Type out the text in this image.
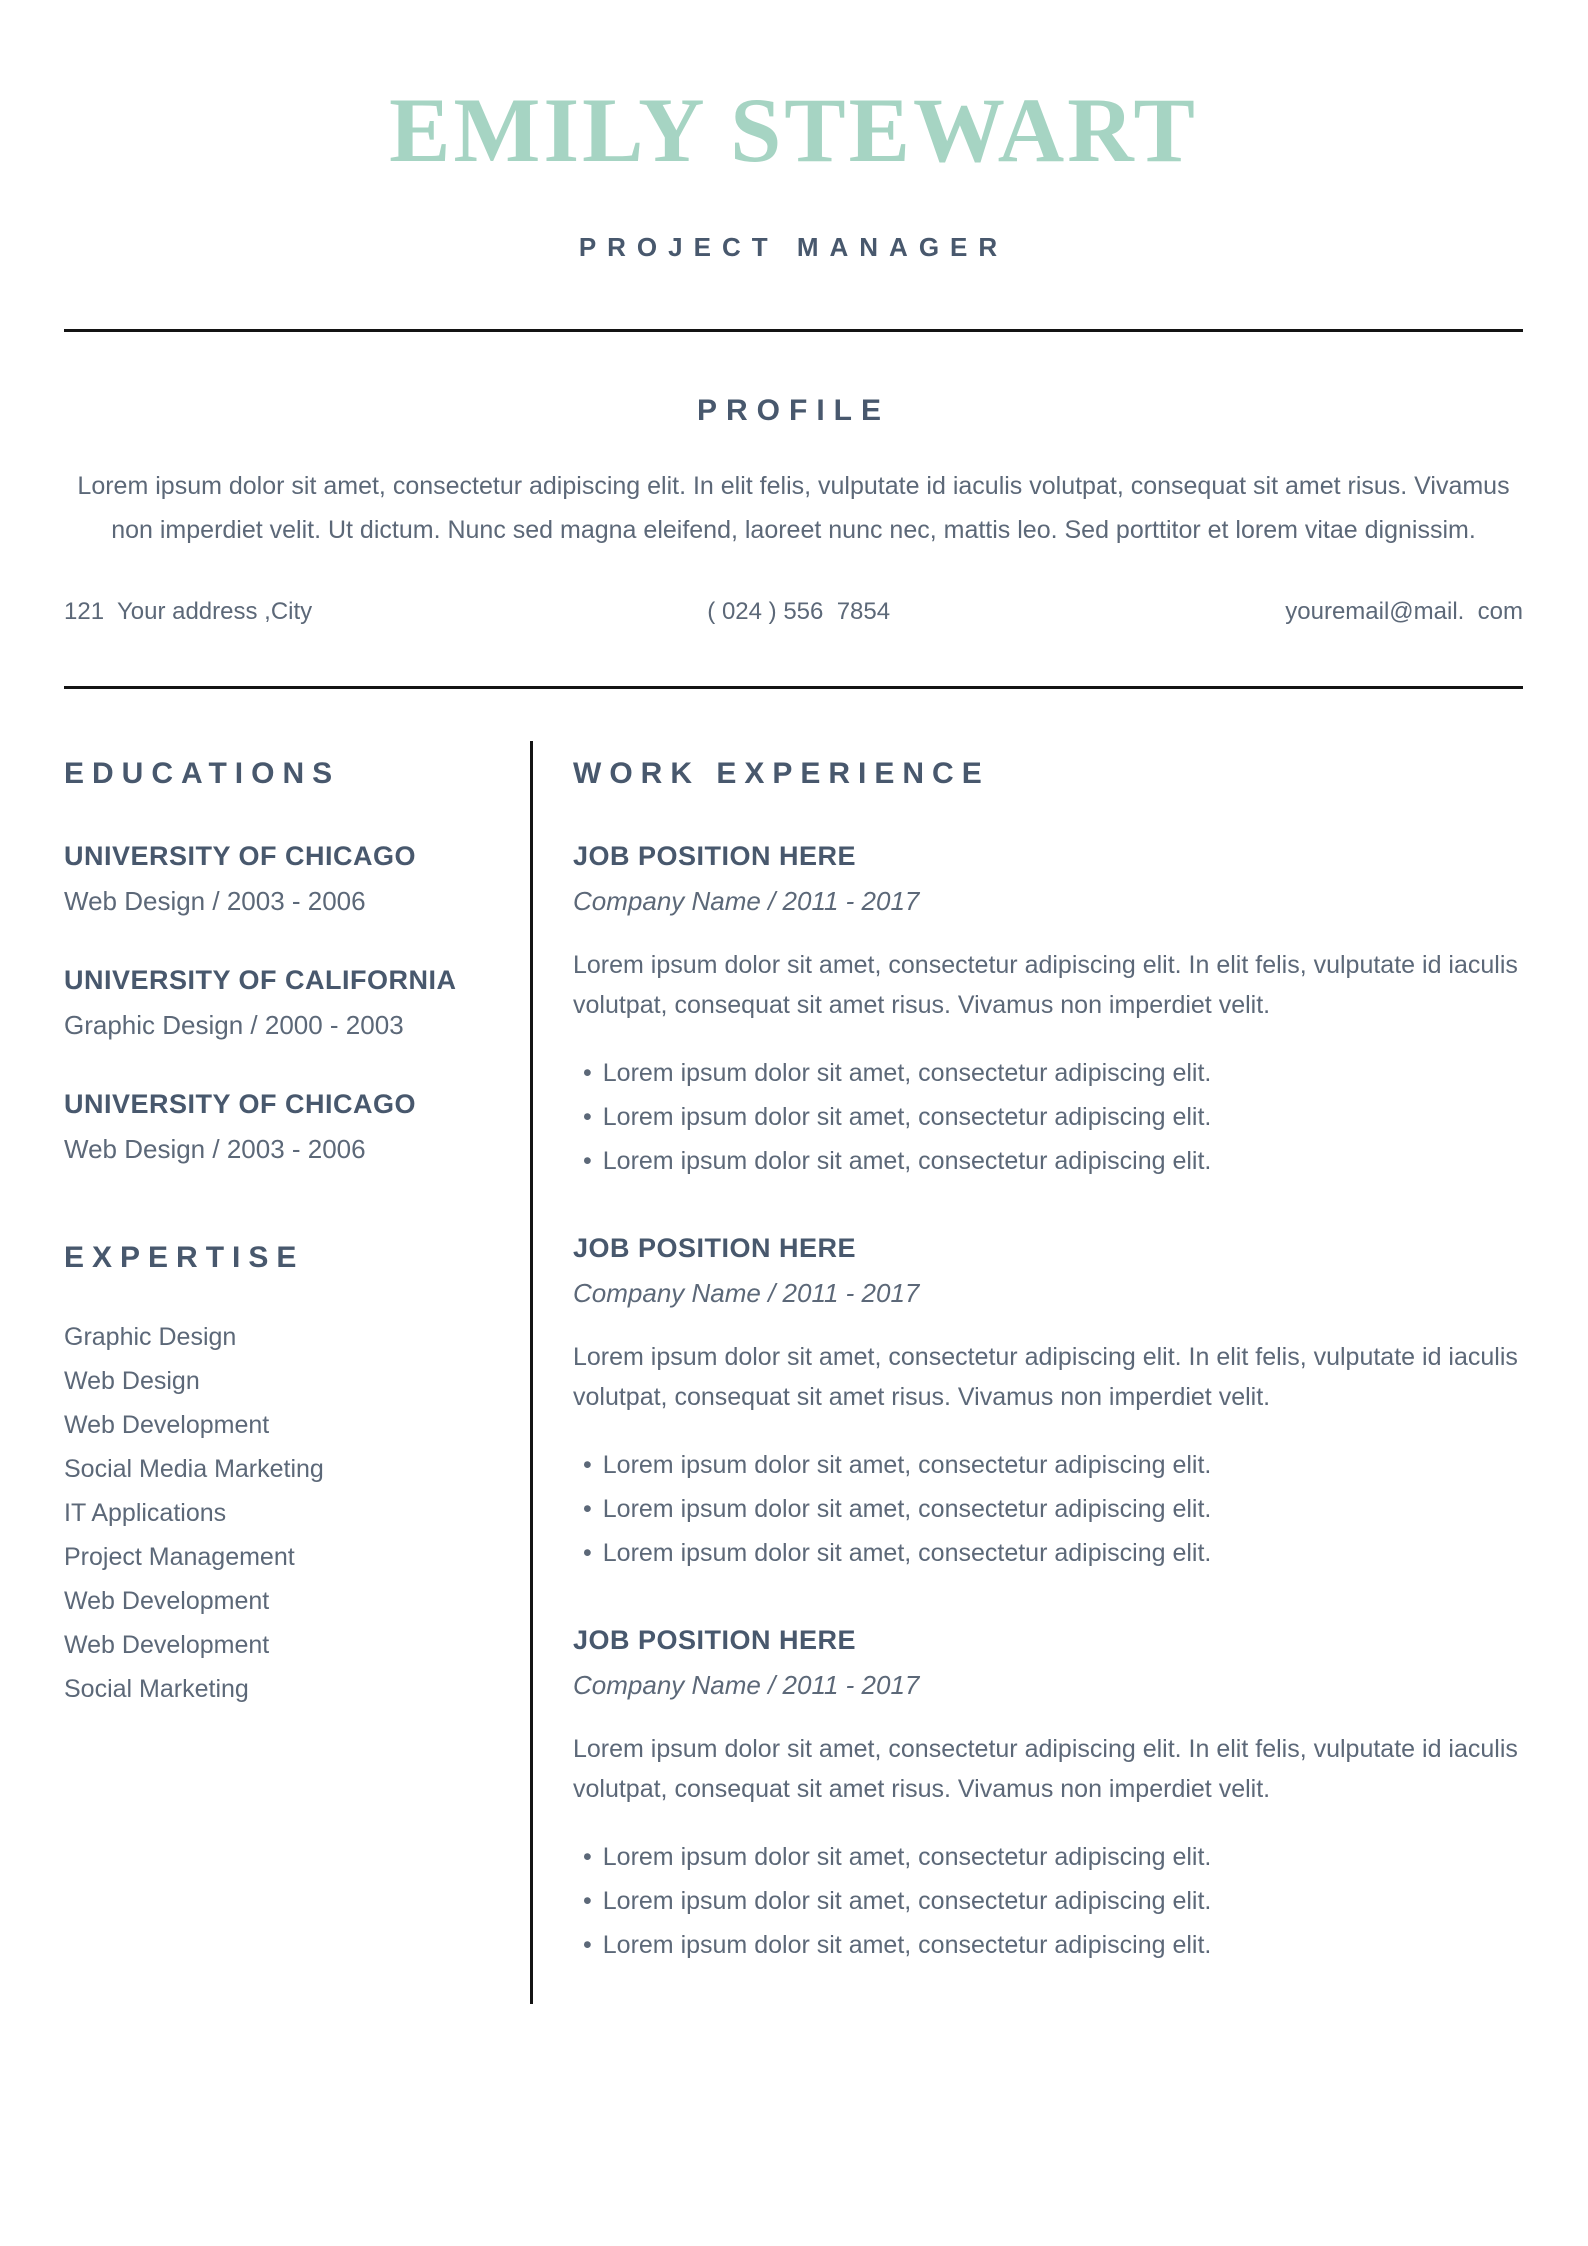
EMILY STEWART
PROJECT MANAGER
PROFILE

Lorem ipsum dolor sit amet, consectetur adipiscing elit. In elit felis, vulputate id iaculis volutpat, consequat sit amet risus. Vivamus non imperdiet velit. Ut dictum. Nunc sed magna eleifend, laoreet nunc nec, mattis leo. Sed porttitor et lorem vitae dignissim.

121  Your address ,City	( 024 ) 556  7854	youremail@mail.  com
EDUCATIONS
UNIVERSITY OF CHICAGO
Web Design / 2003 - 2006
UNIVERSITY OF CALIFORNIA
Graphic Design / 2000 - 2003
UNIVERSITY OF CHICAGO
Web Design / 2003 - 2006
EXPERTISE
Graphic Design
Web Design
Web Development
Social Media Marketing
IT Applications
Project Management
Web Development
Web Development
Social Marketing
WORK EXPERIENCE
JOB POSITION HERE
Company Name / 2011 - 2017

Lorem ipsum dolor sit amet, consectetur adipiscing elit. In elit felis, vulputate id iaculis volutpat, consequat sit amet risus. Vivamus non imperdiet velit.

• Lorem ipsum dolor sit amet, consectetur adipiscing elit.
• Lorem ipsum dolor sit amet, consectetur adipiscing elit.
• Lorem ipsum dolor sit amet, consectetur adipiscing elit.
JOB POSITION HERE
Company Name / 2011 - 2017

Lorem ipsum dolor sit amet, consectetur adipiscing elit. In elit felis, vulputate id iaculis volutpat, consequat sit amet risus. Vivamus non imperdiet velit.

• Lorem ipsum dolor sit amet, consectetur adipiscing elit.
• Lorem ipsum dolor sit amet, consectetur adipiscing elit.
• Lorem ipsum dolor sit amet, consectetur adipiscing elit.
JOB POSITION HERE
Company Name / 2011 - 2017

Lorem ipsum dolor sit amet, consectetur adipiscing elit. In elit felis, vulputate id iaculis volutpat, consequat sit amet risus. Vivamus non imperdiet velit.

• Lorem ipsum dolor sit amet, consectetur adipiscing elit.
• Lorem ipsum dolor sit amet, consectetur adipiscing elit.
• Lorem ipsum dolor sit amet, consectetur adipiscing elit.
